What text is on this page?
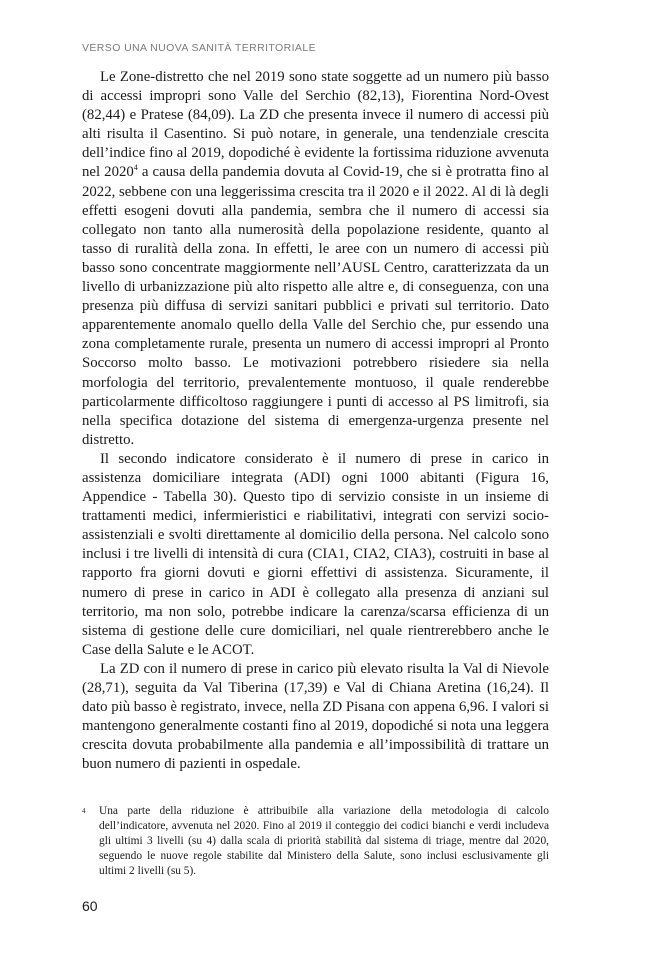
VERSO UNA NUOVA SANITÀ TERRITORIALE

Le Zone-distretto che nel 2019 sono state soggette ad un numero più basso di accessi impropri sono Valle del Serchio (82,13), Fiorentina Nord-Ovest (82,44) e Pratese (84,09). La ZD che presenta invece il numero di accessi più alti risulta il Casentino. Si può notare, in generale, una tendenziale crescita dell’indice fino al 2019, dopodiché è evidente la fortissima riduzione avvenuta nel 2020$^4$ a causa della pandemia dovuta al Covid-19, che si è protratta fino al 2022, sebbene con una leggerissima crescita tra il 2020 e il 2022. Al di là degli effetti esogeni dovuti alla pandemia, sembra che il numero di accessi sia collegato non tanto alla numerosità della popolazione residente, quanto al tasso di ruralità della zona. In effetti, le aree con un numero di accessi più basso sono concentrate maggiormente nell’AUSL Centro, caratterizzata da un livello di urbanizzazione più alto rispetto alle altre e, di conseguenza, con una presenza più diffusa di servizi sanitari pubblici e privati sul territorio. Dato apparentemente anomalo quello della Valle del Serchio che, pur essendo una zona completamente rurale, presenta un numero di accessi impropri al Pronto Soccorso molto basso. Le motivazioni potrebbero risiedere sia nella morfologia del territorio, prevalentemente montuoso, il quale renderebbe particolarmente difficoltoso raggiungere i punti di accesso al PS limitrofi, sia nella specifica dotazione del sistema di emergenza-urgenza presente nel distretto.

Il secondo indicatore considerato è il numero di prese in carico in assistenza domiciliare integrata (ADI) ogni 1000 abitanti (Figura 16, Appendice - Tabella 30). Questo tipo di servizio consiste in un insieme di trattamenti medici, infermieristici e riabilitativi, integrati con servizi socio-assistenziali e svolti direttamente al domicilio della persona. Nel calcolo sono inclusi i tre livelli di intensità di cura (CIA1, CIA2, CIA3), costruiti in base al rapporto fra giorni dovuti e giorni effettivi di assistenza. Sicuramente, il numero di prese in carico in ADI è collegato alla presenza di anziani sul territorio, ma non solo, potrebbe indicare la carenza/scarsa efficienza di un sistema di gestione delle cure domiciliari, nel quale rientrerebbero anche le Case della Salute e le ACOT.

La ZD con il numero di prese in carico più elevato risulta la Val di Nievole (28,71), seguita da Val Tiberina (17,39) e Val di Chiana Aretina (16,24). Il dato più basso è registrato, invece, nella ZD Pisana con appena 6,96. I valori si mantengono generalmente costanti fino al 2019, dopodiché si nota una leggera crescita dovuta probabilmente alla pandemia e all’impossibilità di trattare un buon numero di pazienti in ospedale.

4 Una parte della riduzione è attribuibile alla variazione della metodologia di calcolo dell’indicatore, avvenuta nel 2020. Fino al 2019 il conteggio dei codici bianchi e verdi includeva gli ultimi 3 livelli (su 4) dalla scala di priorità stabilità dal sistema di triage, mentre dal 2020, seguendo le nuove regole stabilite dal Ministero della Salute, sono inclusi esclusivamente gli ultimi 2 livelli (su 5).
60
